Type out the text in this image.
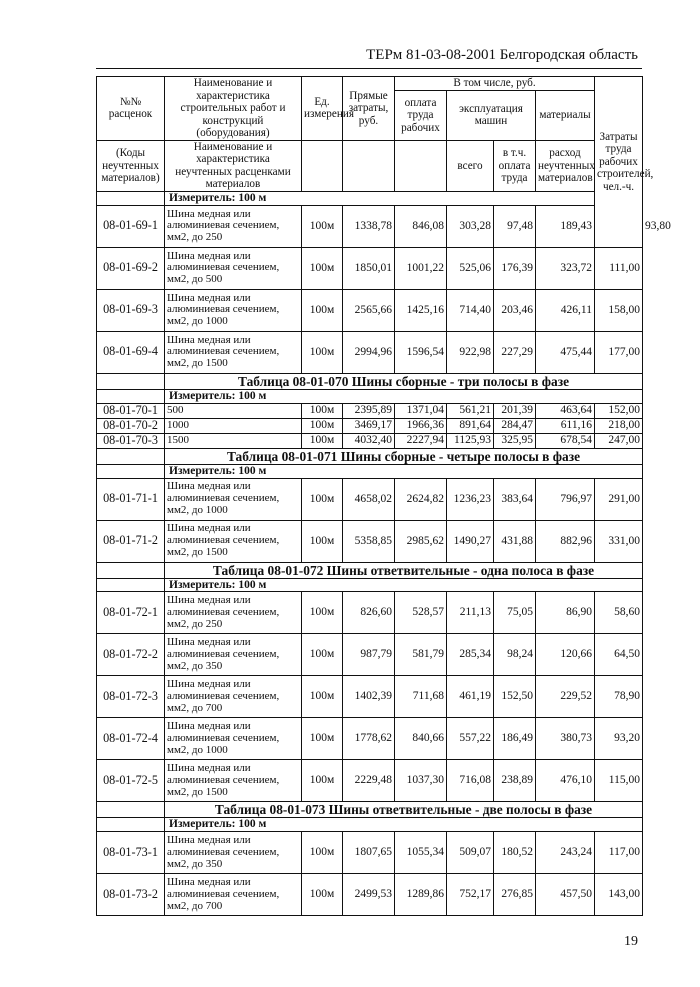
ТЕРм 81-03-08-2001 Белгородская область
№№ расценок	Наименование и характеристика строительных работ и конструкций (оборудования)	Ед. измерения	Прямые затраты, руб.	В том числе, руб.				Затраты труда рабочих строителей, чел.-ч.	
				оплата труда рабочих	эксплуатация машин		материалы		

(Коды неучтенных материалов)	Наименование и характеристика неучтенных расценками материалов				всего	в т.ч. оплата труда	расход неучтенных материалов		
	Измеритель: 100 м								
08-01-69-1	Шина медная или алюминиевая сечением, мм2, до 250	100м	1338,78	846,08	303,28	97,48	189,43		93,80
08-01-69-2	Шина медная или алюминиевая сечением, мм2, до 500	100м	1850,01	1001,22	525,06	176,39	323,72	111,00	
08-01-69-3	Шина медная или алюминиевая сечением, мм2, до 1000	100м	2565,66	1425,16	714,40	203,46	426,11	158,00	
08-01-69-4	Шина медная или алюминиевая сечением, мм2, до 1500	100м	2994,96	1596,54	922,98	227,29	475,44	177,00	
	Таблица 08-01-070 Шины сборные - три полосы в фазе								
	Измеритель: 100 м								
08-01-70-1	500	100м	2395,89	1371,04	561,21	201,39	463,64	152,00	
08-01-70-2	1000	100м	3469,17	1966,36	891,64	284,47	611,16	218,00	
08-01-70-3	1500	100м	4032,40	2227,94	1125,93	325,95	678,54	247,00	
	Таблица 08-01-071 Шины сборные - четыре полосы в фазе								
	Измеритель: 100 м								
08-01-71-1	Шина медная или алюминиевая сечением, мм2, до 1000	100м	4658,02	2624,82	1236,23	383,64	796,97	291,00	
08-01-71-2	Шина медная или алюминиевая сечением, мм2, до 1500	100м	5358,85	2985,62	1490,27	431,88	882,96	331,00	
	Таблица 08-01-072 Шины ответвительные - одна полоса в фазе								
	Измеритель: 100 м								
08-01-72-1	Шина медная или алюминиевая сечением, мм2, до 250	100м	826,60	528,57	211,13	75,05	86,90	58,60	
08-01-72-2	Шина медная или алюминиевая сечением, мм2, до 350	100м	987,79	581,79	285,34	98,24	120,66	64,50	
08-01-72-3	Шина медная или алюминиевая сечением, мм2, до 700	100м	1402,39	711,68	461,19	152,50	229,52	78,90	
08-01-72-4	Шина медная или алюминиевая сечением, мм2, до 1000	100м	1778,62	840,66	557,22	186,49	380,73	93,20	
08-01-72-5	Шина медная или алюминиевая сечением, мм2, до 1500	100м	2229,48	1037,30	716,08	238,89	476,10	115,00	
	Таблица 08-01-073 Шины ответвительные - две полосы в фазе								
	Измеритель: 100 м								
08-01-73-1	Шина медная или алюминиевая сечением, мм2, до 350	100м	1807,65	1055,34	509,07	180,52	243,24	117,00	
08-01-73-2	Шина медная или алюминиевая сечением, мм2, до 700	100м	2499,53	1289,86	752,17	276,85	457,50	143,00	
19
